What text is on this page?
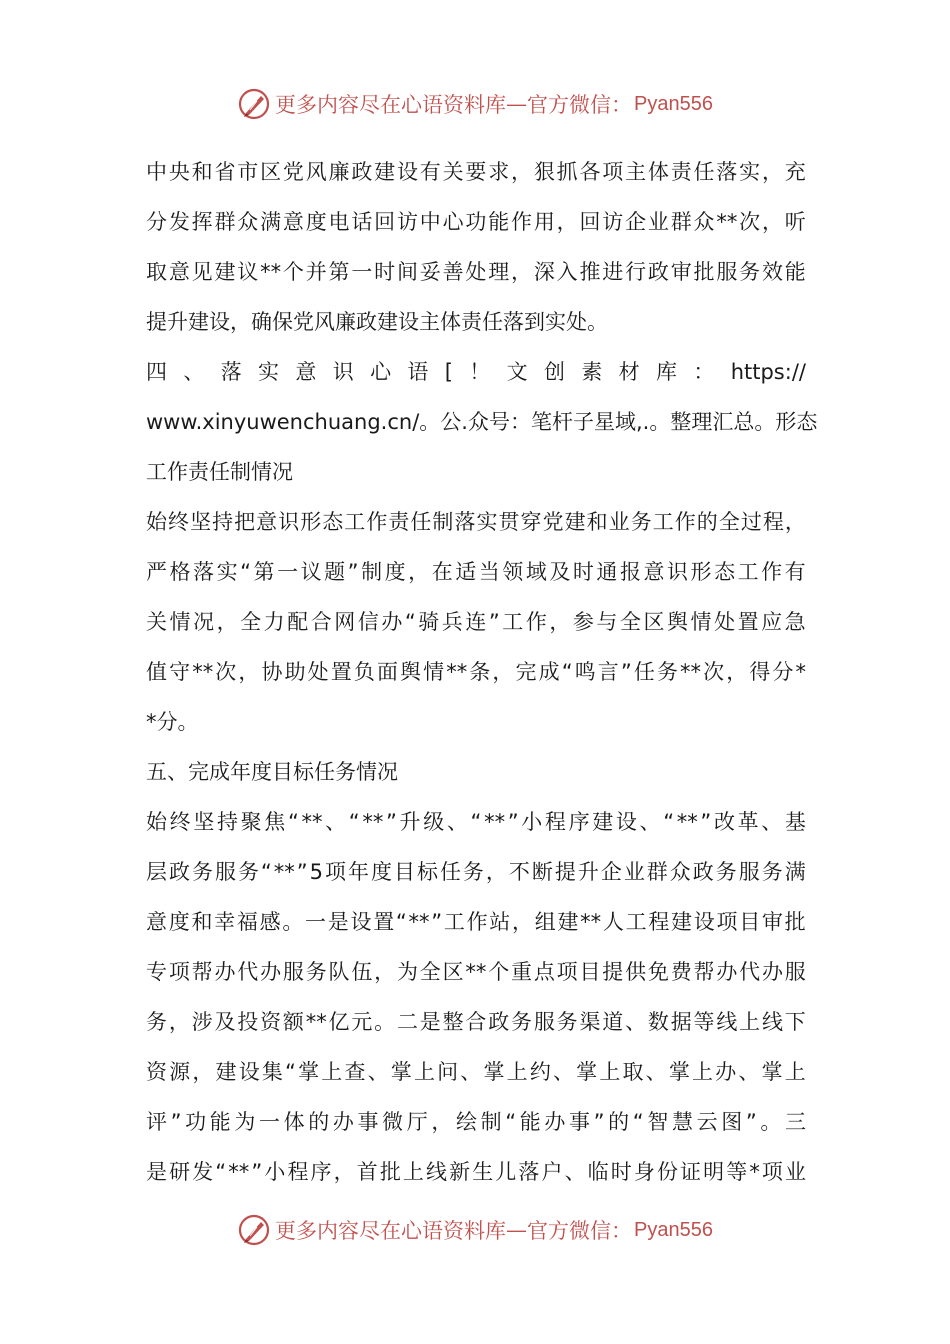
更多内容尽在心语资料库 — 官方微信： Pyan556
中 央 和 省 市 区 党 风 廉 政 建 设 有 关 要 求 ， 狠 抓 各 项 主 体 责 任 落 实 ， 充
分 发 挥 群 众 满 意 度 电 话 回 访 中 心 功 能 作 用 ， 回 访 企 业 群 众 ** 次 ， 听
取 意 见 建 议 ** 个 并 第 一 时 间 妥 善 处 理 ， 深 入 推 进 行 政 审 批 服 务 效 能
提升建设，确保党风廉政建设主体责任落到实处。
四 、 落 实 意 识 心 语 [ ！ 文 创 素 材 库 ： https://
www.xinyuwenchuang.cn/ 。 公 . 众 号 ： 笔 杆 子 星 域 ,. 。 整 理 汇 总 。 形 态
工作责任制情况
始 终 坚 持 把 意 识 形 态 工 作 责 任 制 落 实 贯 穿 党 建 和 业 务 工 作 的 全 过 程 ，
严 格 落 实 “ 第 一 议 题 ” 制 度 ， 在 适 当 领 域 及 时 通 报 意 识 形 态 工 作 有
关 情 况 ， 全 力 配 合 网 信 办 “ 骑 兵 连 ” 工 作 ， 参 与 全 区 舆 情 处 置 应 急
值 守 ** 次 ， 协 助 处 置 负 面 舆 情 ** 条 ， 完 成 “ 鸣 言 ” 任 务 ** 次 ， 得 分 *
*分。
五、完成年度目标任务情况
始 终 坚 持 聚 焦 “ ** 、 “ ** ” 升 级 、 “ ** ” 小 程 序 建 设 、 “ ** ” 改 革 、 基
层 政 务 服 务 “ ** ” 5 项 年 度 目 标 任 务 ， 不 断 提 升 企 业 群 众 政 务 服 务 满
意 度 和 幸 福 感 。 一 是 设 置 “ ** ” 工 作 站 ， 组 建 ** 人 工 程 建 设 项 目 审 批
专 项 帮 办 代 办 服 务 队 伍 ， 为 全 区 ** 个 重 点 项 目 提 供 免 费 帮 办 代 办 服
务 ， 涉 及 投 资 额 ** 亿 元 。 二 是 整 合 政 务 服 务 渠 道 、 数 据 等 线 上 线 下
资 源 ， 建 设 集 “ 掌 上 查 、 掌 上 问 、 掌 上 约 、 掌 上 取 、 掌 上 办 、 掌 上
评 ” 功 能 为 一 体 的 办 事 微 厅 ， 绘 制 “ 能 办 事 ” 的 “ 智 慧 云 图 ” 。 三
是 研 发 “ ** ” 小 程 序 ， 首 批 上 线 新 生 儿 落 户 、 临 时 身 份 证 明 等 * 项 业
更多内容尽在心语资料库 — 官方微信： Pyan556
